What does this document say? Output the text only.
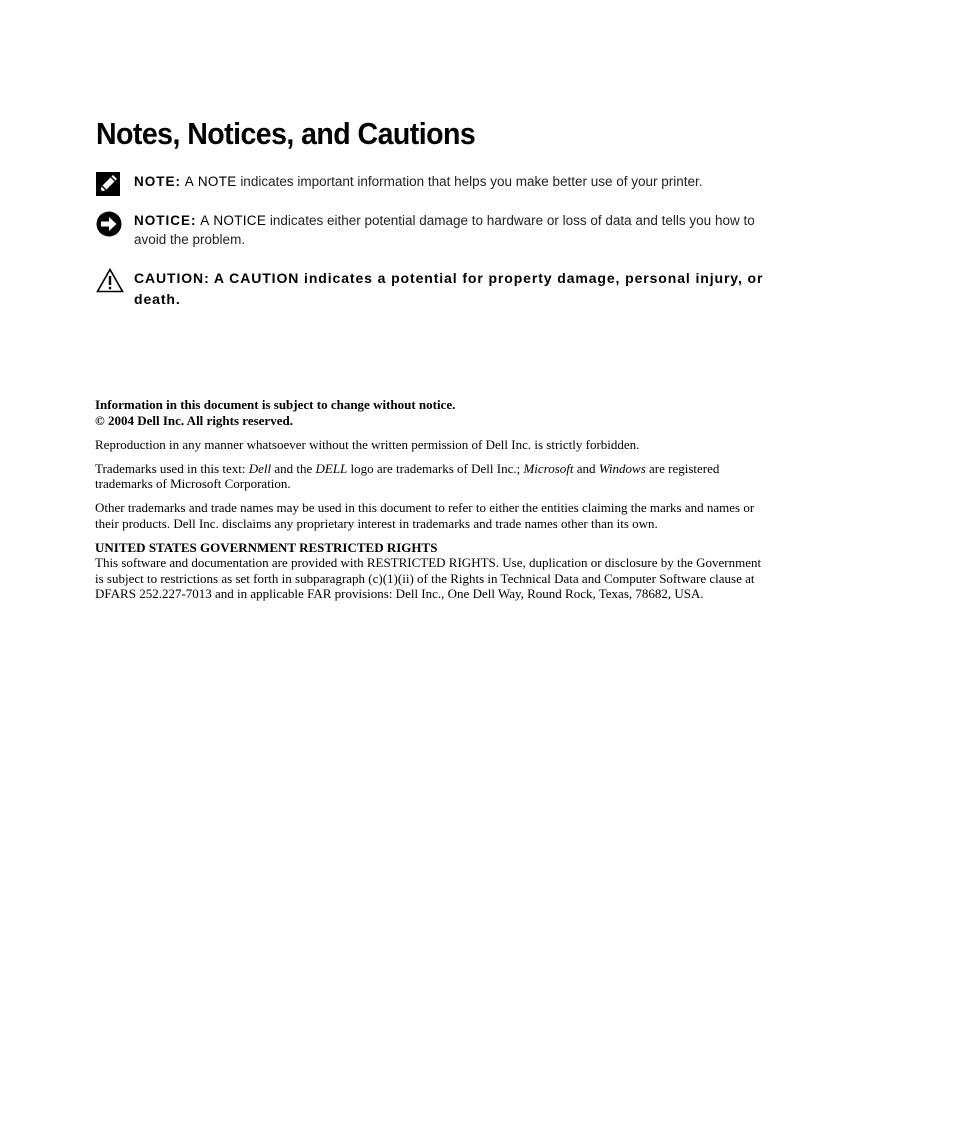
Notes, Notices, and Cautions
NOTE: A NOTE indicates important information that helps you make better use of your printer.
NOTICE: A NOTICE indicates either potential damage to hardware or loss of data and tells you how to avoid the problem.
CAUTION: A CAUTION indicates a potential for property damage, personal injury, or death.

Information in this document is subject to change without notice.
© 2004 Dell Inc. All rights reserved.

Reproduction in any manner whatsoever without the written permission of Dell Inc. is strictly forbidden.

Trademarks used in this text: Dell and the DELL logo are trademarks of Dell Inc.; Microsoft and Windows are registered trademarks of Microsoft Corporation.

Other trademarks and trade names may be used in this document to refer to either the entities claiming the marks and names or their products. Dell Inc. disclaims any proprietary interest in trademarks and trade names other than its own.

UNITED STATES GOVERNMENT RESTRICTED RIGHTS
This software and documentation are provided with RESTRICTED RIGHTS. Use, duplication or disclosure by the Government is subject to restrictions as set forth in subparagraph (c)(1)(ii) of the Rights in Technical Data and Computer Software clause at DFARS 252.227-7013 and in applicable FAR provisions: Dell Inc., One Dell Way, Round Rock, Texas, 78682, USA.
